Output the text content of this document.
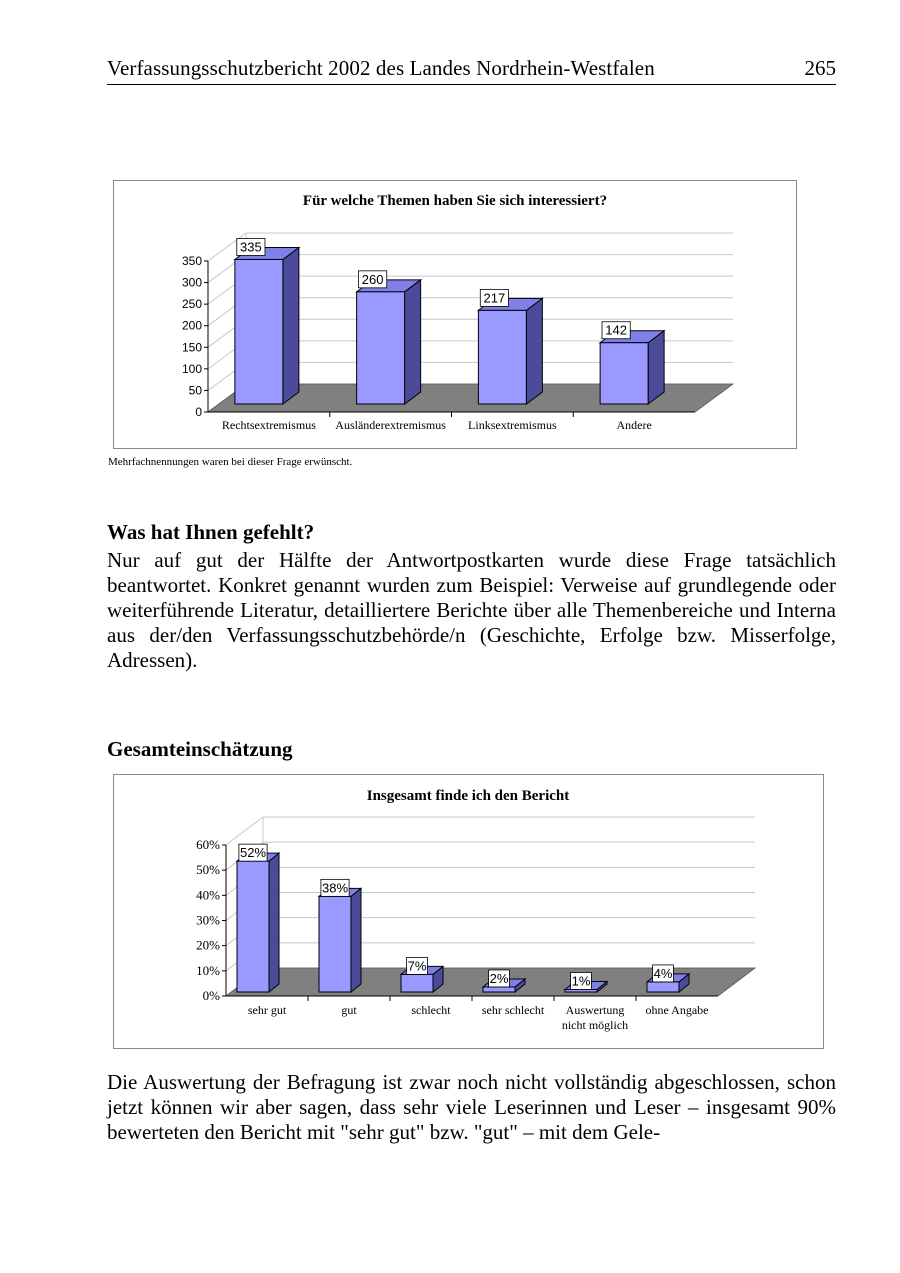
Verfassungsschutzbericht 2002 des Landes Nordrhein-Westfalen	265
Für welche Themen haben Sie sich interessiert?
0
50
100
150
200
250
300
350
335
Rechtsextremismus
260
Ausländerextremismus
217
Linksextremismus
142
Andere
Mehrfachnennungen waren bei dieser Frage erwünscht.
Was hat Ihnen gefehlt?

Nur auf gut der Hälfte der Antwortpostkarten wurde diese Frage tatsächlich beantwortet. Konkret genannt wurden zum Beispiel: Verweise auf grundlegende oder weiterführende Literatur, detailliertere Berichte über alle Themenbereiche und Interna aus der/den Verfassungsschutzbehörde/n (Geschichte, Erfolge bzw. Misserfolge, Adressen).

Gesamteinschätzung
Insgesamt finde ich den Bericht
0%
10%
20%
30%
40%
50%
60%
52%
sehr gut
38%
gut
7%
schlecht
2%
sehr schlecht
1%
Auswertung
nicht möglich
4%
ohne Angabe

Die Auswertung der Befragung ist zwar noch nicht vollständig abgeschlossen, schon jetzt können wir aber sagen, dass sehr viele Leserinnen und Leser – insgesamt 90% bewerteten den Bericht mit "sehr gut" bzw. "gut" – mit dem Gele-
